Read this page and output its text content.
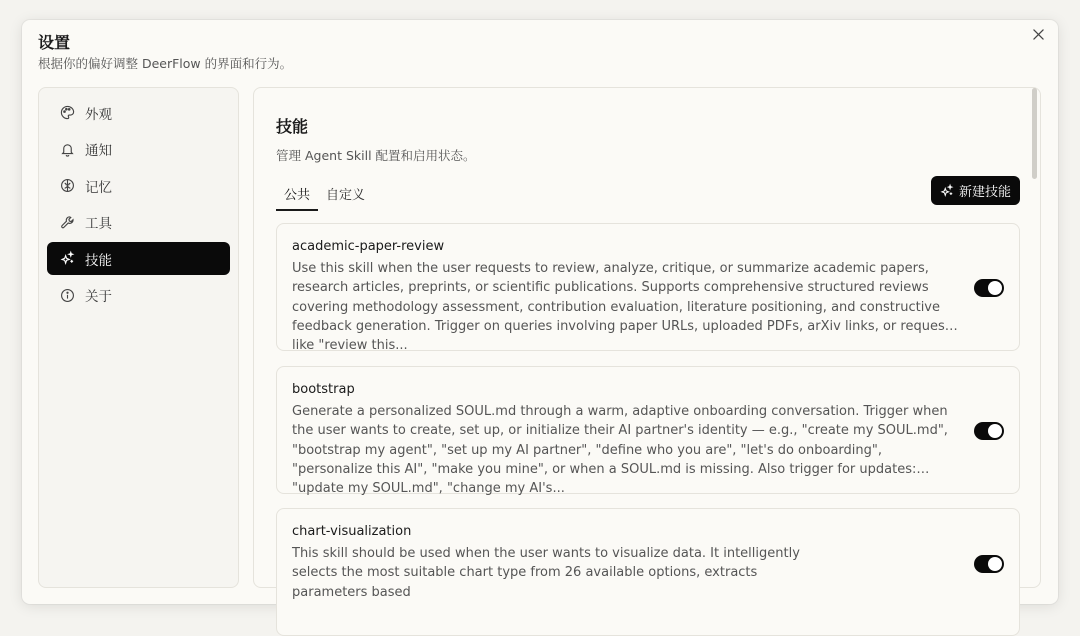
设置
根据你的偏好调整 DeerFlow 的界面和行为。
外观
通知
记忆
工具
技能
关于
技能
管理 Agent Skill 配置和启用状态。
公共	自定义	新建技能
academic-paper-review
Use this skill when the user requests to review, analyze, critique, or summarize academic papers, research articles, preprints, or scientific publications. Supports comprehensive structured reviews covering methodology assessment, contribution evaluation, literature positioning, and constructive feedback generation. Trigger on queries involving paper URLs, uploaded PDFs, arXiv links, or requests like "review this...
bootstrap
Generate a personalized SOUL.md through a warm, adaptive onboarding conversation. Trigger when the user wants to create, set up, or initialize their AI partner's identity — e.g., "create my SOUL.md", "bootstrap my agent", "set up my AI partner", "define who you are", "let's do onboarding", "personalize this AI", "make you mine", or when a SOUL.md is missing. Also trigger for updates: "update my SOUL.md", "change my AI's...
chart-visualization
This skill should be used when the user wants to visualize data. It intelligently selects the most suitable chart type from 26 available options, extracts parameters based
